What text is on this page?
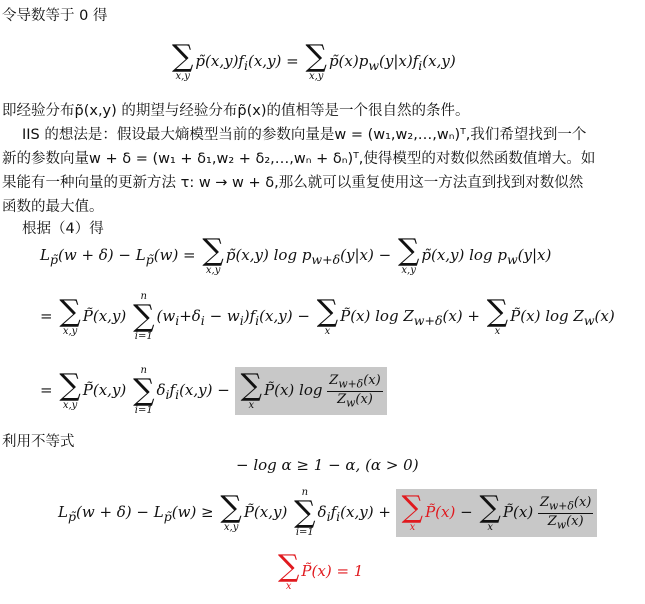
令导数等于 0 得
∑
x,y
$p̃(x,y)f_i(x,y)$ = ∑
x,y
$p̃(x)p_w(y|x)f_i(x,y)$
即经验分布p̃(x,y) 的期望与经验分布p̃(x)的值相等是一个很自然的条件。
IIS 的想法是：假设最大熵模型当前的参数向量是w = (w₁,w₂,…,wₙ)ᵀ,我们希望找到一个
新的参数向量w + δ = (w₁ + δ₁,w₂ + δ₂,…,wₙ + δₙ)ᵀ,使得模型的对数似然函数值增大。如
果能有一种向量的更新方法 τ: w → w + δ,那么就可以重复使用这一方法直到找到对数似然
函数的最大值。
根据（4）得
$L_{p̃}(w + \delta) - L_{p̃}(w)$ = ∑
x,y
p̃(x,y) $\log p_{w+\delta}(y|x)$ − ∑
x,y
p̃(x,y) $\log p_w(y|x)$
= ∑
x,y
P̃(x,y)
n
∑
i=1
$(w_i+\delta_i - w_i)f_i(x,y)$ − ∑
x
P̃(x) $\log Z_{w+\delta}(x)$ + ∑
x
P̃(x) $\log Z_w(x)$
= ∑
x,y
P̃(x,y)
n
∑
i=1
$\delta_if_i(x,y)$ − ∑
x
P̃(x) $\log \frac{Z_{w+\delta}(x)}{Z_w(x)}$
利用不等式
− log α ≥ 1 − α, (α > 0)
$L_{p̃}(w + \delta) - L_{p̃}(w)$ ≥ ∑
x,y
P̃(x,y)
n
∑
i=1
$\delta_if_i(x,y)$ + ∑
x
P̃(x) − ∑
x
P̃(x) $\frac{Z_{w+\delta}(x)}{Z_w(x)}$
∑
x
P̃(x) = 1
